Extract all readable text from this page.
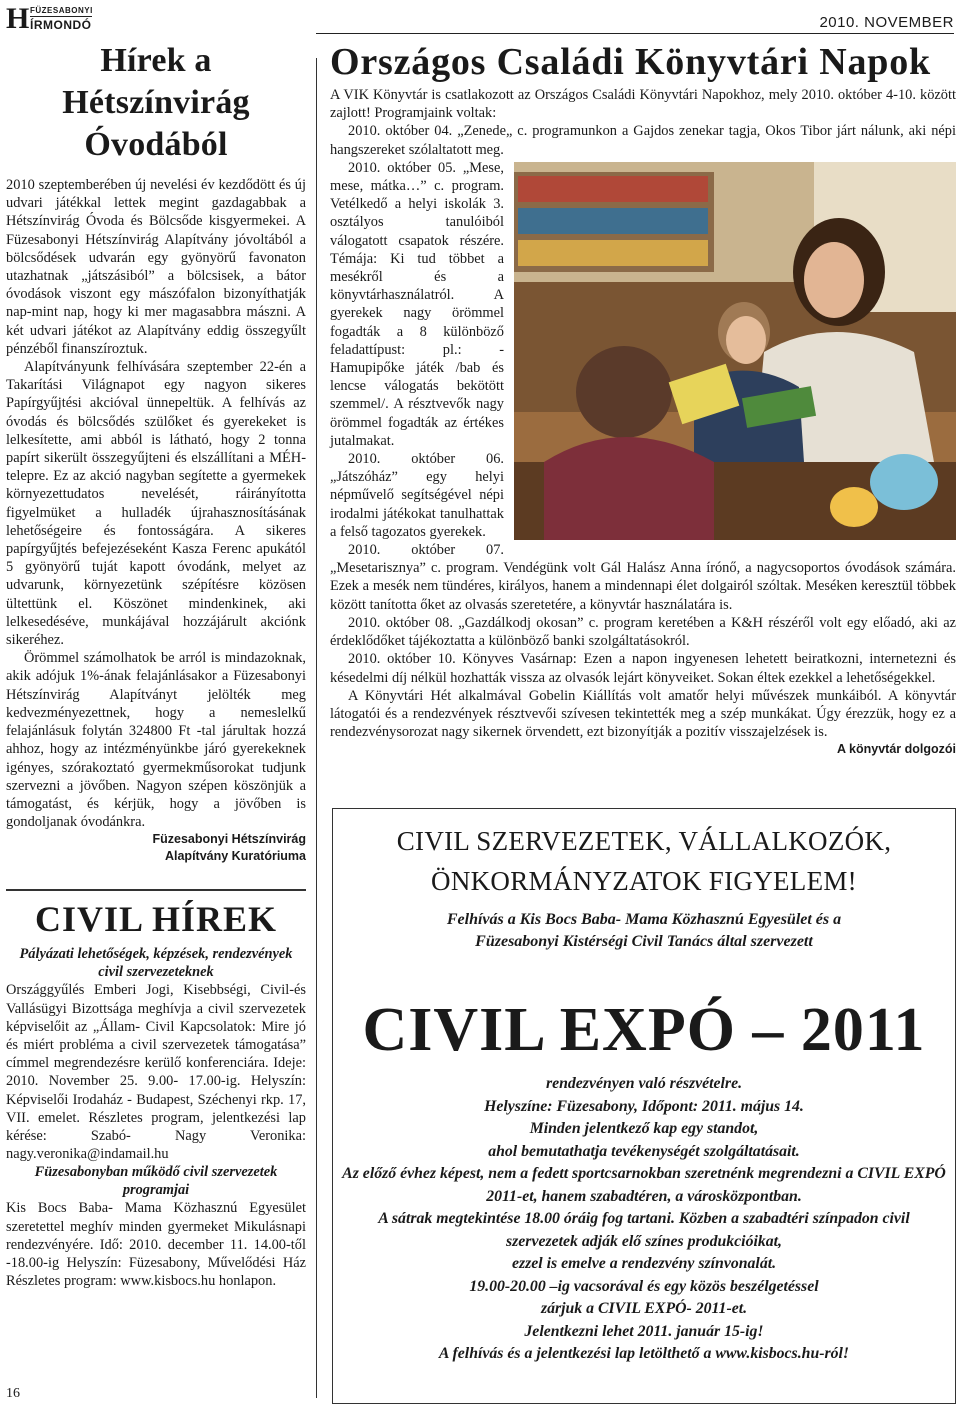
H FÜZESABONYI
ÍRMONDÓ	2010. NOVEMBER
Hírek a Hétszínvirág
Óvodából

2010 szeptemberében új nevelési év kezdődött és új udvari játékkal lettek megint gazdagabbak a Hétszínvirág Óvoda és Bölcsőde kisgyermekei. A Füzesabonyi Hétszínvirág Alapítvány jóvoltából a bölcsődések udvarán egy gyönyörű favonaton utazhatnak „játszásiból” a bölcsisek, a bátor óvodások viszont egy mászófalon bizonyíthatják nap-mint nap, hogy ki mer magasabbra mászni. A két udvari játékot az Alapítvány eddig összegyűlt pénzéből finanszíroztuk.

Alapítványunk felhívására szeptember 22-én a Takarítási Világnapot egy nagyon sikeres Papírgyűjtési akcióval ünnepeltük. A felhívás az óvodás és bölcsődés szülőket és gyerekeket is lelkesítette, ami abból is látható, hogy 2 tonna papírt sikerült összegyűjteni és elszállítani a MÉH-telepre. Ez az akció nagyban segítette a gyermekek környezettudatos nevelését, ráirányította figyelmüket a hulladék újrahasznosításának lehetőségeire és fontosságára. A sikeres papírgyűjtés befejezéseként Kasza Ferenc apukától 5 gyönyörű tuját kapott óvodánk, melyet az udvarunk, környezetünk szépítésre közösen ültettünk el. Köszönet mindenkinek, aki lelkesedéséve, munkájával hozzájárult akciónk sikeréhez.

Örömmel számolhatok be arról is mindazoknak, akik adójuk 1%-ának felajánlásakor a Füzesabonyi Hétszínvirág Alapítványt jelölték meg kedvezményezettnek, hogy a nemeslelkű felajánlásuk folytán 324800 Ft -tal járultak hozzá ahhoz, hogy az intézményünkbe járó gyerekeknek igényes, szórakoztató gyermekműsorokat tudjunk szervezni a jövőben. Nagyon szépen köszönjük a támogatást, és kérjük, hogy a jövőben is gondoljanak óvodánkra.

Füzesabonyi Hétszínvirág
Alapítvány Kuratóriuma
CIVIL HÍREK
Pályázati lehetőségek, képzések, rendezvények civil szervezeteknek
Országgyűlés Emberi Jogi, Kisebbségi, Civil-és Vallásügyi Bizottsága meghívja a civil szervezetek képviselőit az „Állam- Civil Kapcsolatok: Mire jó és miért probléma a civil szervezetek támogatása” címmel megrendezésre kerülő konferenciára. Ideje: 2010. November 25. 9.00- 17.00-ig. Helyszín: Képviselői Irodaház - Budapest, Széchenyi rkp. 17, VII. emelet. Részletes program, jelentkezési lap kérése: Szabó- Nagy Veronika: nagy.veronika@indamail.hu
Füzesabonyban működő civil szervezetek programjai
Kis Bocs Baba- Mama Közhasznú Egyesület szeretettel meghív minden gyermeket Mikulásnapi rendezvényére. Idő: 2010. december 11. 14.00-től -18.00-ig Helyszín: Füzesabony, Művelődési Ház Részletes program: www.kisbocs.hu honlapon.
16
Országos Családi Könyvtári Napok

A VIK Könyvtár is csatlakozott az Országos Családi Könyvtári Napokhoz, mely 2010. október 4-10. között zajlott! Programjaink voltak:

2010. október 04. „Zenede„ c. programunkon a Gajdos zenekar tagja, Okos Tibor járt nálunk, aki népi hangszereket szólaltatott meg.

2010. október 05. „Mese, mese, mátka…” c. program. Vetélkedő a helyi iskolák 3. osztályos tanulóiból válogatott csapatok részére. Témája: Ki tud többet a mesékről és a könyvtárhasználatról. A gyerekek nagy örömmel fogadták a 8 különböző feladattípust: pl.: - Hamupipőke játék /bab és lencse válogatás bekötött szemmel/. A résztvevők nagy örömmel fogadták az értékes jutalmakat.

2010. október 06. „Játszóház” egy helyi népművelő segítségével népi irodalmi játékokat tanulhattak a felső tagozatos gyerekek.

2010. október 07. „Mesetarisznya” c. program. Vendégünk volt Gál Halász Anna írónő, a nagycsoportos óvodások számára. Ezek a mesék nem tündéres, királyos, hanem a mindennapi élet dolgairól szóltak. Meséken keresztül többek között tanította őket az olvasás szeretetére, a könyvtár használatára is.

2010. október 08. „Gazdálkodj okosan” c. program keretében a K&H részéről volt egy előadó, aki az érdeklődőket tájékoztatta a különböző banki szolgáltatásokról.

2010. október 10. Könyves Vasárnap: Ezen a napon ingyenesen lehetett beiratkozni, internetezni és késedelmi díj nélkül hozhatták vissza az olvasók lejárt könyveiket. Sokan éltek ezekkel a lehetőségekkel.

A Könyvtári Hét alkalmával Gobelin Kiállítás volt amatőr helyi művészek munkáiból. A könyvtár látogatói és a rendezvények résztvevői szívesen tekintették meg a szép munkákat. Úgy érezzük, hogy ez a rendezvénysorozat nagy sikernek örvendett, ezt bizonyítják a pozitív visszajelzések is.

A könyvtár dolgozói
CIVIL SZERVEZETEK, VÁLLALKOZÓK,
ÖNKORMÁNYZATOK FIGYELEM!
Felhívás a Kis Bocs Baba- Mama Közhasznú Egyesület és a
Füzesabonyi Kistérségi Civil Tanács által szervezett
CIVIL EXPÓ – 2011
rendezvényen való részvételre.
Helyszíne: Füzesabony, Időpont: 2011. május 14.
Minden jelentkező kap egy standot,
ahol bemutathatja tevékenységét szolgáltatásait.
Az előző évhez képest, nem a fedett sportcsarnokban szeretnénk megrendezni a CIVIL EXPÓ 2011-et, hanem szabadtéren, a városközpontban.
A sátrak megtekintése 18.00 óráig fog tartani. Közben a szabadtéri színpadon civil szervezetek adják elő színes produkcióikat,
ezzel is emelve a rendezvény színvonalát.
19.00-20.00 –ig vacsorával és egy közös beszélgetéssel
zárjuk a CIVIL EXPÓ- 2011-et.
Jelentkezni lehet 2011. január 15-ig!
A felhívás és a jelentkezési lap letölthető a www.kisbocs.hu-ról!
